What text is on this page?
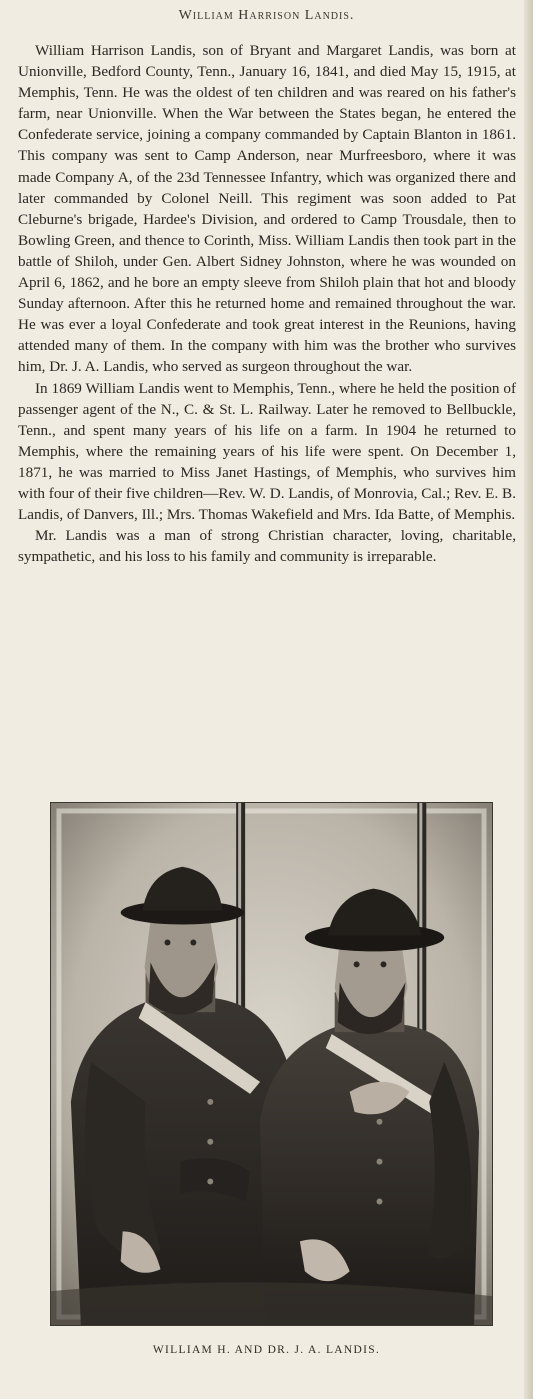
William Harrison Landis.

William Harrison Landis, son of Bryant and Margaret Landis, was born at Unionville, Bedford County, Tenn., January 16, 1841, and died May 15, 1915, at Memphis, Tenn. He was the oldest of ten children and was reared on his father's farm, near Unionville. When the War between the States began, he entered the Confederate service, joining a company commanded by Captain Blanton in 1861. This company was sent to Camp Anderson, near Murfreesboro, where it was made Company A, of the 23d Tennessee Infantry, which was organized there and later commanded by Colonel Neill. This regiment was soon added to Pat Cleburne's brigade, Hardee's Division, and ordered to Camp Trousdale, then to Bowling Green, and thence to Corinth, Miss. William Landis then took part in the battle of Shiloh, under Gen. Albert Sidney Johnston, where he was wounded on April 6, 1862, and he bore an empty sleeve from Shiloh plain that hot and bloody Sunday afternoon. After this he returned home and remained throughout the war. He was ever a loyal Confederate and took great interest in the Reunions, having attended many of them. In the company with him was the brother who survives him, Dr. J. A. Landis, who served as surgeon throughout the war.

In 1869 William Landis went to Memphis, Tenn., where he held the position of passenger agent of the N., C. & St. L. Railway. Later he removed to Bellbuckle, Tenn., and spent many years of his life on a farm. In 1904 he returned to Memphis, where the remaining years of his life were spent. On December 1, 1871, he was married to Miss Janet Hastings, of Memphis, who survives him with four of their five children—Rev. W. D. Landis, of Monrovia, Cal.; Rev. E. B. Landis, of Danvers, Ill.; Mrs. Thomas Wakefield and Mrs. Ida Batte, of Memphis.

Mr. Landis was a man of strong Christian character, loving, charitable, sympathetic, and his loss to his family and community is irreparable.

WILLIAM H. AND DR. J. A. LANDIS.
